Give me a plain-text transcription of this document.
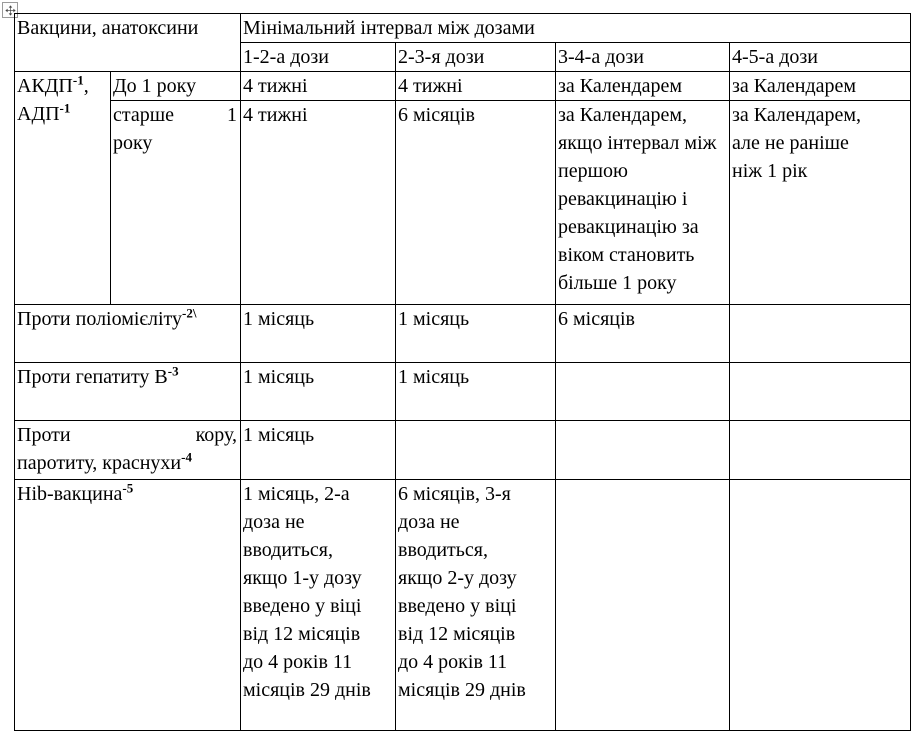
Вакцини, анатоксини		Мінімальний інтервал між дозами			
		1-2-а дози	2-3-я дози	3-4-а дози	4-5-а дози
АКДП$^{-1}$, АДП$^{-1}$	До 1 року	4 тижні	4 тижні	за Календарем	за Календарем

	старше 1
року	4 тижні	6 місяців	за Календарем, якщо інтервал між першою ревакцинацію і ревакцинацію за віком становить більше 1 року	за Календарем, але не раніше ніж 1 рік

Проти поліомієліту$^{-2\backslash}$		1 місяць	1 місяць	6 місяців	
Проти гепатиту В$^{-3}$		1 місяць	1 місяць		

Проти кору,
паротиту, краснухи$^{-4}$		1 місяць			
Hib-вакцина$^{-5}$		1 місяць, 2-а доза не вводиться, якщо 1-у дозу введено у віці від 12 місяців до 4 років 11 місяців 29 днів	6 місяців, 3-я доза не вводиться, якщо 2-у дозу введено у віці від 12 місяців до 4 років 11 місяців 29 днів		
